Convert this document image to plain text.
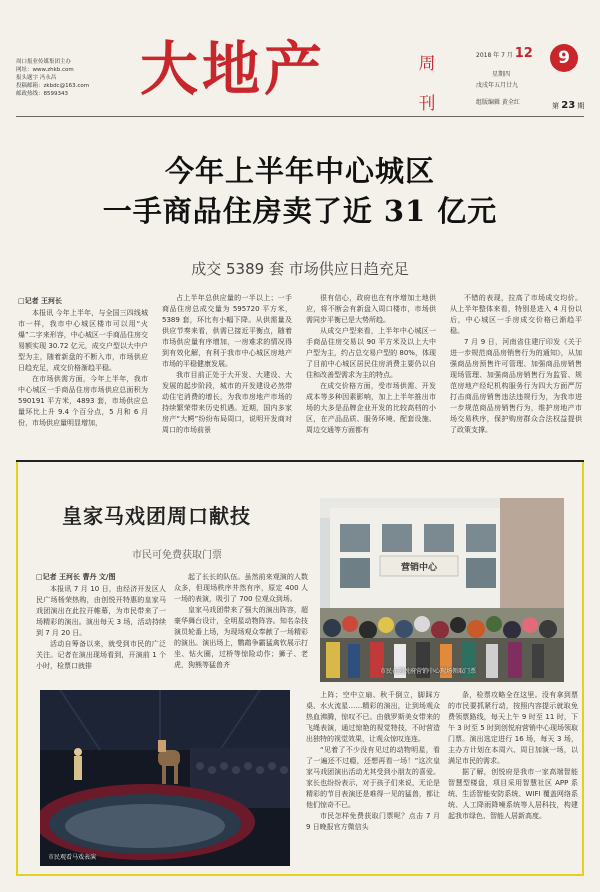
周口报业传媒集团主办
网址：www.zhkb.com
报头题字 冯永昌
投稿邮箱：zkbdc@163.com
邮政热线：8599343	大地产	周刊
2018 年 7 月 12
星期四
戊戌年五月廿九
9
组版编辑 黄全红	第 23 期
今年上半年中心城区
一手商品住房卖了近 31 亿元
成交 5389 套 市场供应日趋充足
□记者 王河长

本报讯 今年上半年，与全国三四线城市一样，我市中心城区楼市可以用“火爆”二字来形容，中心城区一手商品住房交易额实现 30.72 亿元，成交户型以大中户型为主，随着新盘的不断入市，市场供应日趋充足，成交价格渐趋平稳。

在市场供需方面，今年上半年，我市中心城区一手商品住房市场供应总面积为 590191 平方米，4893 套，市场供应总量环比上升 9.4 个百分点，5 月和 6 月份，市场供应量明显增加，

占上半年总供应量的一半以上；一手商品住房总成交量为 595720 平方米，5389 套，环比有小幅下降。从供需量及供应节奏来看，供需已接近平衡点，随着市场供应量有序增加，一房难求的情况得到有效化解，有利于我市中心城区房地产市场的平稳健康发展。

我市目前正处于大开发、大建设、大发展的起步阶段，城市的开发建设必然带动住宅消费的增长，为我市房地产市场的持续繁荣带来历史机遇。近期，国内多家房产“大鳄”纷纷布局周口，说明开发商对周口的市场前景

很有信心，政府也在有序增加土地供应，将不断会有新盘入周口楼市，市场供需同步平衡已是大势所趋。

从成交户型来看，上半年中心城区一手商品住房交易以 90 平方米及以上大中户型为主，约占总交易户型的 80%，体现了目前中心城区居民住房消费主要仍以自住和改善型需求为主的特点。

在成交价格方面，受市场供需、开发成本等多种因素影响，加上上半年推出市场的大多是品牌企业开发的比较高档的小区，在产品品质、服务环境、配套设施、周边交通等方面都有

不错的表现，拉高了市场成交均价。从上半年整体来看，特别是进入 4 月份以后，中心城区一手房成交价格已渐趋平稳。

7 月 9 日，河南省住建厅印发《关于进一步规范商品房销售行为的通知》，从加强商品房预售许可管理、加强商品房销售现场管理、加强商品房销售行为监管、规范房地产经纪机构服务行为四大方面严厉打击商品房销售违法违规行为，为我市进一步规范商品房销售行为，维护房地产市场交易秩序，保护购房群众合法权益提供了政策支撑。

皇家马戏团周口献技
市民可免费获取门票
营销中心
市民在创悦府营销中心现场领取门票
□记者 王河长 曹丹 文/图

本报讯 7 月 10 日，由经济开发区人民广场杨荣热购，由创悦开特惠的皇家马戏团演出在此拉开帷幕，为市民带来了一场精彩的演出。演出每天 3 场，活动持续到 7 月 20 日。

活动自筹备以来，就受到市民的广泛关注。记者在演出现场看到，开演前 1 个小时，检票口就排

起了长长的队伍。虽然前来观演的人数众多，但现场秩序井然有序，原定 400 人一场的表演，吸引了 700 位观众到场。

皇家马戏团带来了强大的演出阵容，超豪华舞台设计，全明星动物阵容。知名杂技演员轮番上场，为现场观众奉献了一场精彩的演出。演出场上，鹦鹉争霸猛禽钦展示打坐、钻火圈，过桥等惊险动作；狮子、老虎，狗熊等猛兽齐

市民观看马戏表演

上阵；空中立扇、秋千倒立，脚踩方桌、水火流星……精彩的演出，让到场观众热血沸腾，惊叹不已。由俄罗斯美女带来的飞绳表演，通过惊艳的视觉特技，不时营造出独特的视觉效果，让观众惊叹连连。

“见着了不少没有见过的动物明星，看了一遍还不过瘾，还想再看一场！”这次皇家马戏团演出活动尤其受到小朋友的喜爱。家长也纷纷表示，对于孩子们来说，无论是精彩的节目表演还是难得一见的猛兽，都让他们惊奇不已。

市民怎样免费获取门票呢？点击 7 月 9 日晚报官方微信头

条，检票攻略全在这里。没有拿到票的市民要抓紧行动，按照内容提示就取免费领票路线，每天上午 9 时至 11 时，下午 3 时至 5 时到创悦府营销中心现场领取门票。演出选定进行 16 场，每天 3 场，主办方计划在本周六、周日加演一场，以满足市民的需求。

据了解，创悦府是我市一家高端智能智慧型楼盘，项目采用智慧社区 APP 系统、生活智能安防系统、WIFI 覆盖网络系统、人工降雨降噪系统等人居科技，构建起我市绿色、智能人居新高度。
